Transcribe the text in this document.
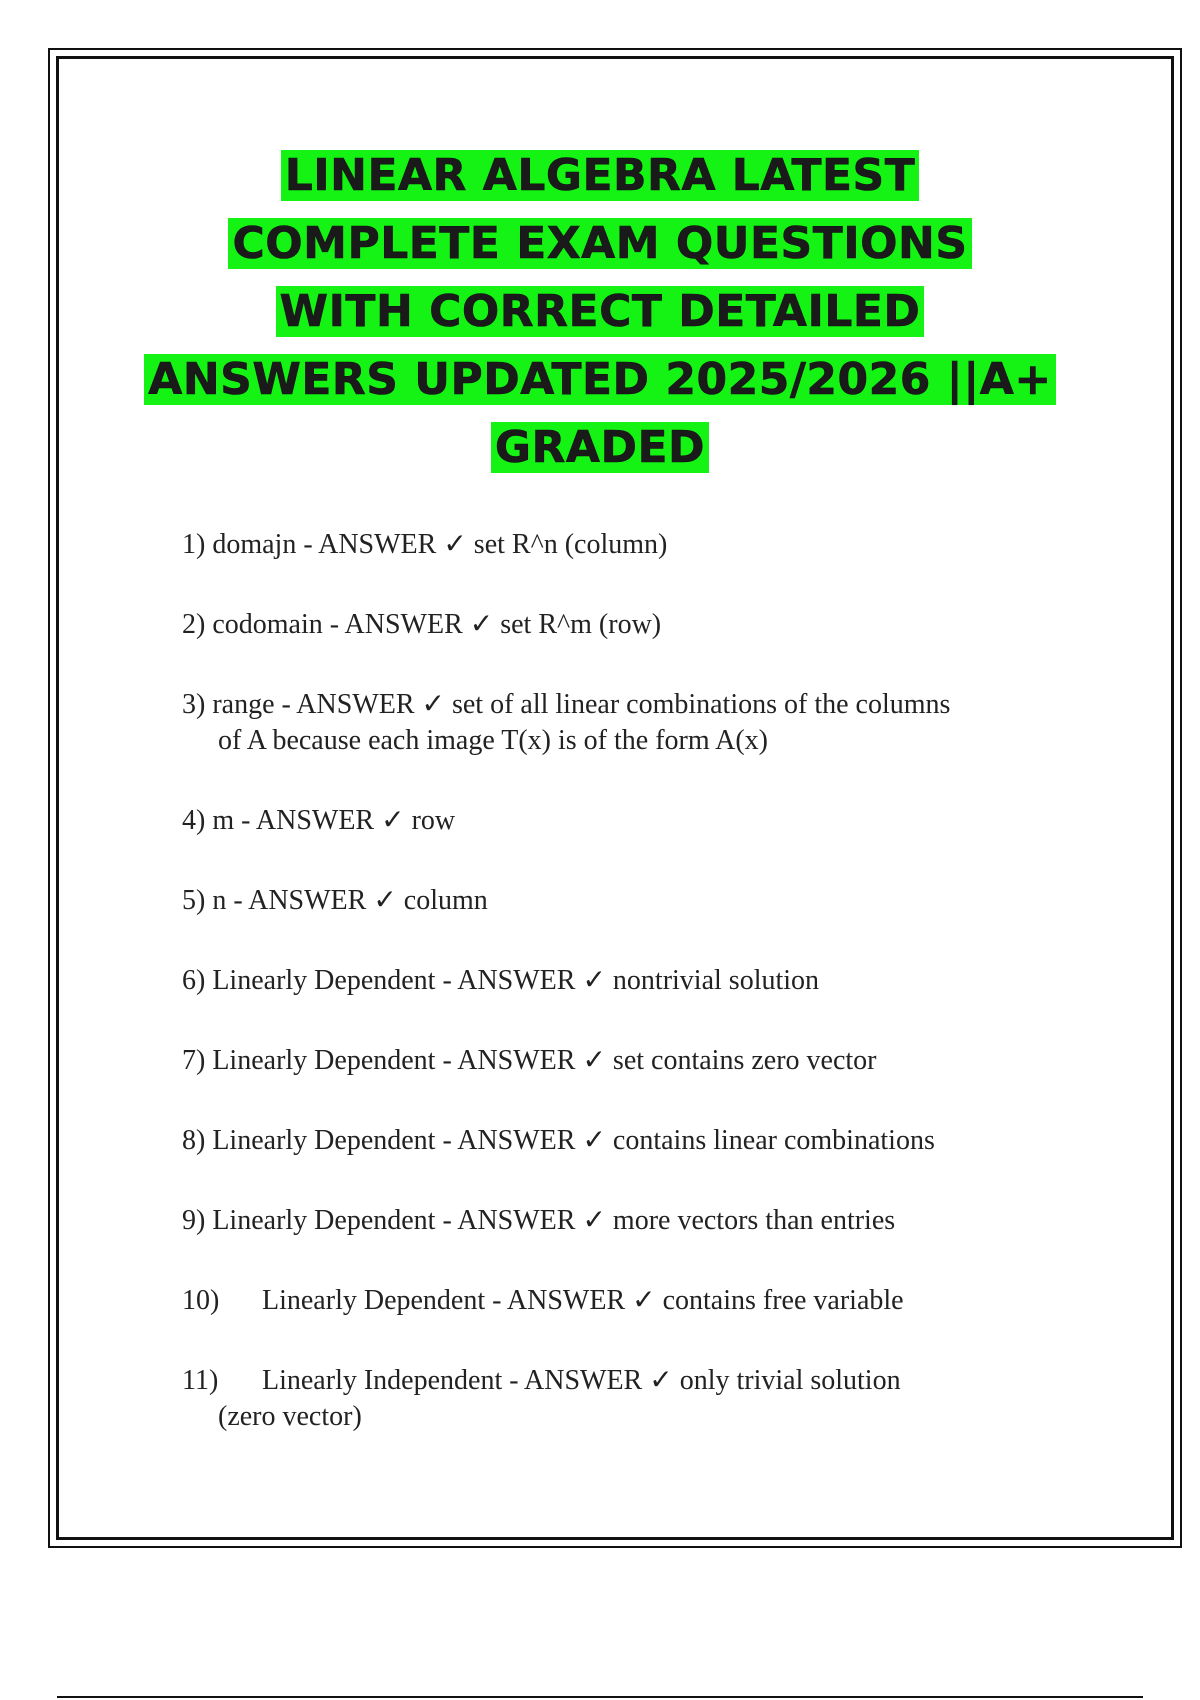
LINEAR ALGEBRA LATEST
COMPLETE EXAM QUESTIONS
WITH CORRECT DETAILED
ANSWERS UPDATED 2025/2026 ||A+
GRADED
1) domajn - ANSWER ✓ set R^n (column)
2) codomain - ANSWER ✓ set R^m (row)
3) range - ANSWER ✓ set of all linear combinations of the columns
of A because each image T(x) is of the form A(x)
4) m - ANSWER ✓ row
5) n - ANSWER ✓ column
6) Linearly Dependent - ANSWER ✓ nontrivial solution
7) Linearly Dependent - ANSWER ✓ set contains zero vector
8) Linearly Dependent - ANSWER ✓ contains linear combinations
9) Linearly Dependent - ANSWER ✓ more vectors than entries
10) Linearly Dependent - ANSWER ✓ contains free variable
11) Linearly Independent - ANSWER ✓ only trivial solution
(zero vector)
